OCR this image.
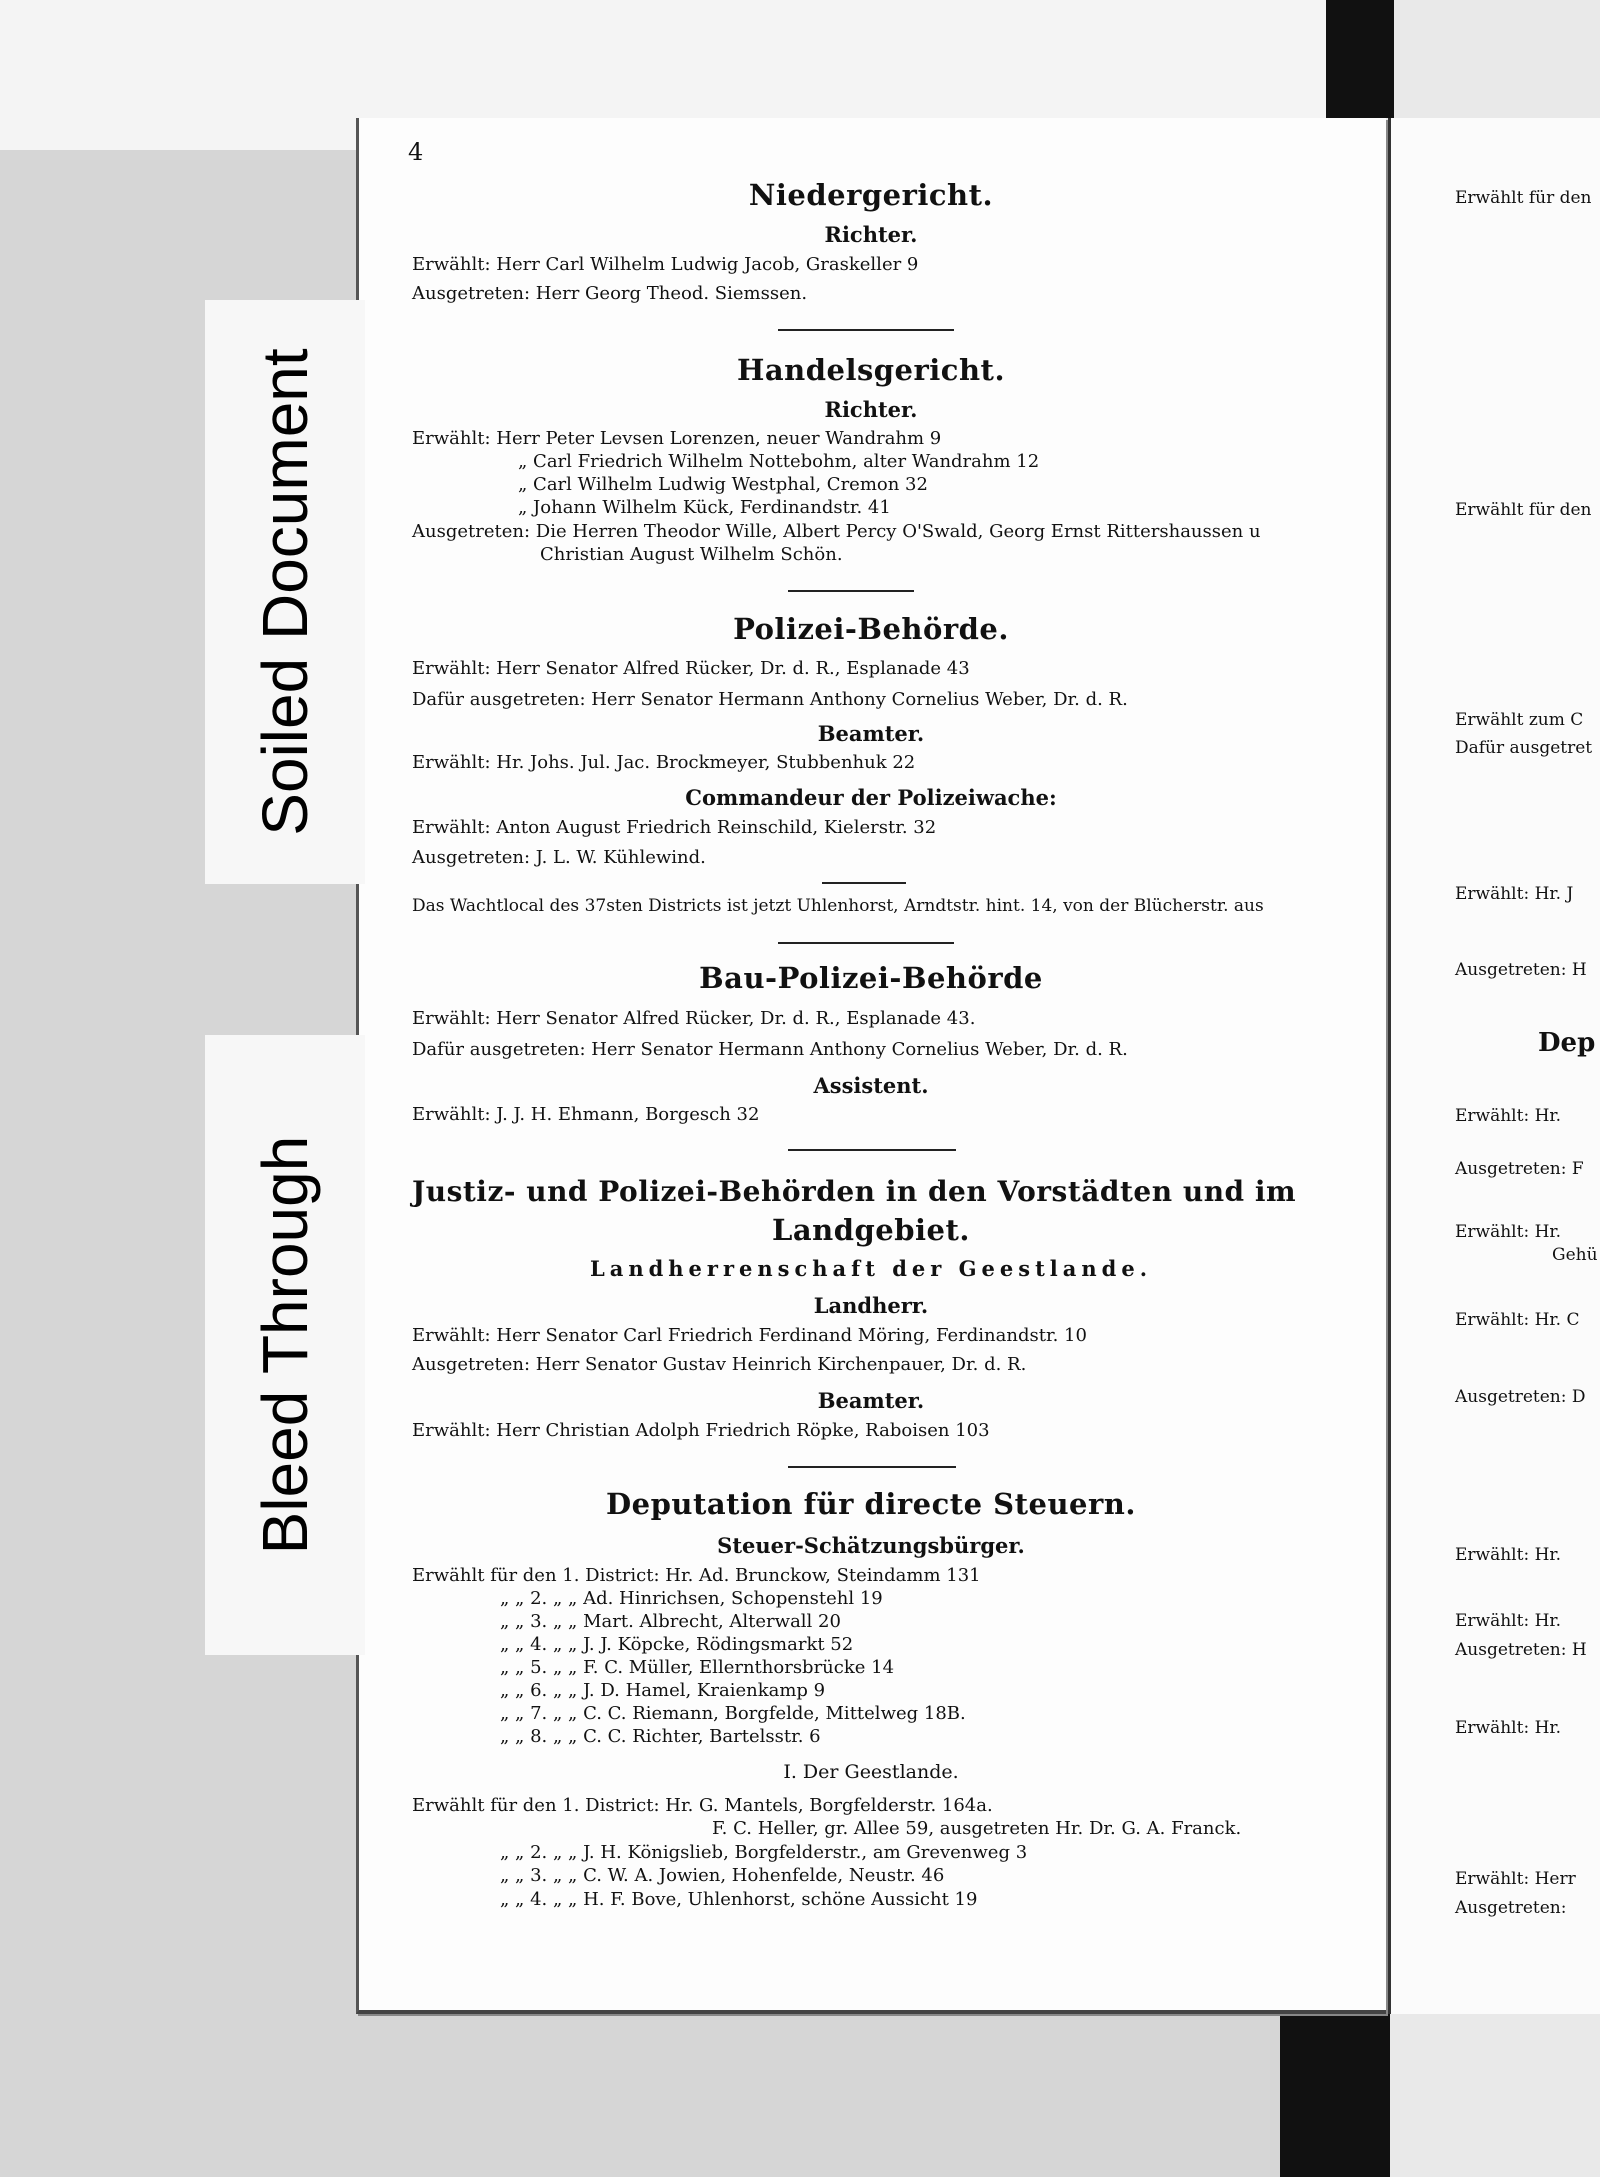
Soiled Document
Bleed Through
4
Niedergericht.
Richter.
Erwählt: Herr Carl Wilhelm Ludwig Jacob, Graskeller 9
Ausgetreten: Herr Georg Theod. Siemssen.
Handelsgericht.
Richter.
Erwählt: Herr Peter Levsen Lorenzen, neuer Wandrahm 9
„ Carl Friedrich Wilhelm Nottebohm, alter Wandrahm 12
„ Carl Wilhelm Ludwig Westphal, Cremon 32
„ Johann Wilhelm Kück, Ferdinandstr. 41
Ausgetreten: Die Herren Theodor Wille, Albert Percy O'Swald, Georg Ernst Rittershaussen u
Christian August Wilhelm Schön.
Polizei-Behörde.
Erwählt: Herr Senator Alfred Rücker, Dr. d. R., Esplanade 43
Dafür ausgetreten: Herr Senator Hermann Anthony Cornelius Weber, Dr. d. R.
Beamter.
Erwählt: Hr. Johs. Jul. Jac. Brockmeyer, Stubbenhuk 22
Commandeur der Polizeiwache:
Erwählt: Anton August Friedrich Reinschild, Kielerstr. 32
Ausgetreten: J. L. W. Kühlewind.
Das Wachtlocal des 37sten Districts ist jetzt Uhlenhorst, Arndtstr. hint. 14, von der Blücherstr. aus
Bau-Polizei-Behörde
Erwählt: Herr Senator Alfred Rücker, Dr. d. R., Esplanade 43.
Dafür ausgetreten: Herr Senator Hermann Anthony Cornelius Weber, Dr. d. R.
Assistent.
Erwählt: J. J. H. Ehmann, Borgesch 32
Justiz- und Polizei-Behörden in den Vorstädten und im
Landgebiet.
Landherrenschaft der Geestlande.
Landherr.
Erwählt: Herr Senator Carl Friedrich Ferdinand Möring, Ferdinandstr. 10
Ausgetreten: Herr Senator Gustav Heinrich Kirchenpauer, Dr. d. R.
Beamter.
Erwählt: Herr Christian Adolph Friedrich Röpke, Raboisen 103
Deputation für directe Steuern.
Steuer-Schätzungsbürger.
Erwählt für den 1. District: Hr. Ad. Brunckow, Steindamm 131
„ „ 2. „ „ Ad. Hinrichsen, Schopenstehl 19
„ „ 3. „ „ Mart. Albrecht, Alterwall 20
„ „ 4. „ „ J. J. Köpcke, Rödingsmarkt 52
„ „ 5. „ „ F. C. Müller, Ellernthorsbrücke 14
„ „ 6. „ „ J. D. Hamel, Kraienkamp 9
„ „ 7. „ „ C. C. Riemann, Borgfelde, Mittelweg 18B.
„ „ 8. „ „ C. C. Richter, Bartelsstr. 6
I. Der Geestlande.
Erwählt für den 1. District: Hr. G. Mantels, Borgfelderstr. 164a.
F. C. Heller, gr. Allee 59, ausgetreten Hr. Dr. G. A. Franck.
„ „ 2. „ „ J. H. Königslieb, Borgfelderstr., am Grevenweg 3
„ „ 3. „ „ C. W. A. Jowien, Hohenfelde, Neustr. 46
„ „ 4. „ „ H. F. Bove, Uhlenhorst, schöne Aussicht 19
Erwählt für den
Erwählt für den
Erwählt zum C
Dafür ausgetret
Erwählt: Hr. J
Ausgetreten: H
Dep
Erwählt: Hr.
Ausgetreten: F
Erwählt: Hr.
Gehü
Erwählt: Hr. C
Ausgetreten: D
Erwählt: Hr.
Erwählt: Hr.
Ausgetreten: H
Erwählt: Hr.
Erwählt: Herr
Ausgetreten:
